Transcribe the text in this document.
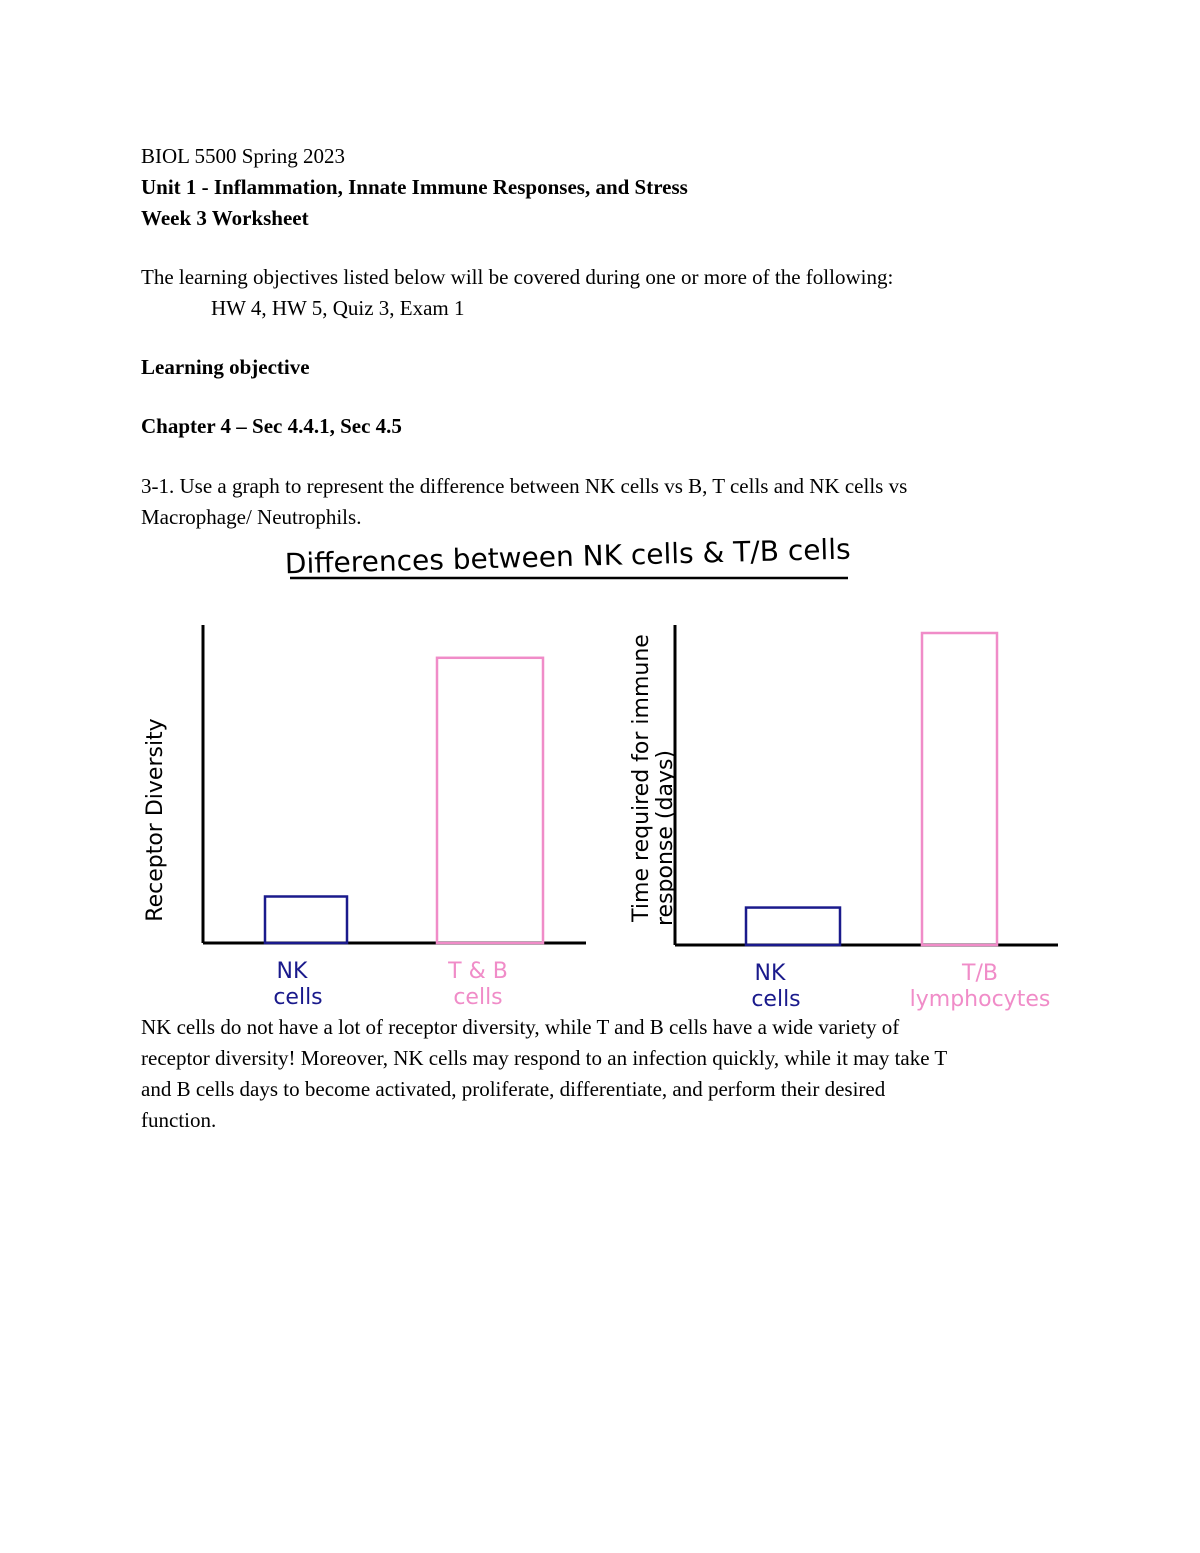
BIOL 5500 Spring 2023
Unit 1 - Inflammation, Innate Immune Responses, and Stress
Week 3 Worksheet
The learning objectives listed below will be covered during one or more of the following:
HW 4, HW 5, Quiz 3, Exam 1
Learning objective
Chapter 4 – Sec 4.4.1, Sec 4.5
3-1. Use a graph to represent the difference between NK cells vs B, T cells and NK cells vs
Macrophage/ Neutrophils.
Differences between NK cells & T/B cells
NK cells
T & B cells
Receptor Diversity
NK cells
T/B lymphocytes
Time required for immuneresponse (days)
NK cells do not have a lot of receptor diversity, while T and B cells have a wide variety of
receptor diversity! Moreover, NK cells may respond to an infection quickly, while it may take T
and B cells days to become activated, proliferate, differentiate, and perform their desired
function.
